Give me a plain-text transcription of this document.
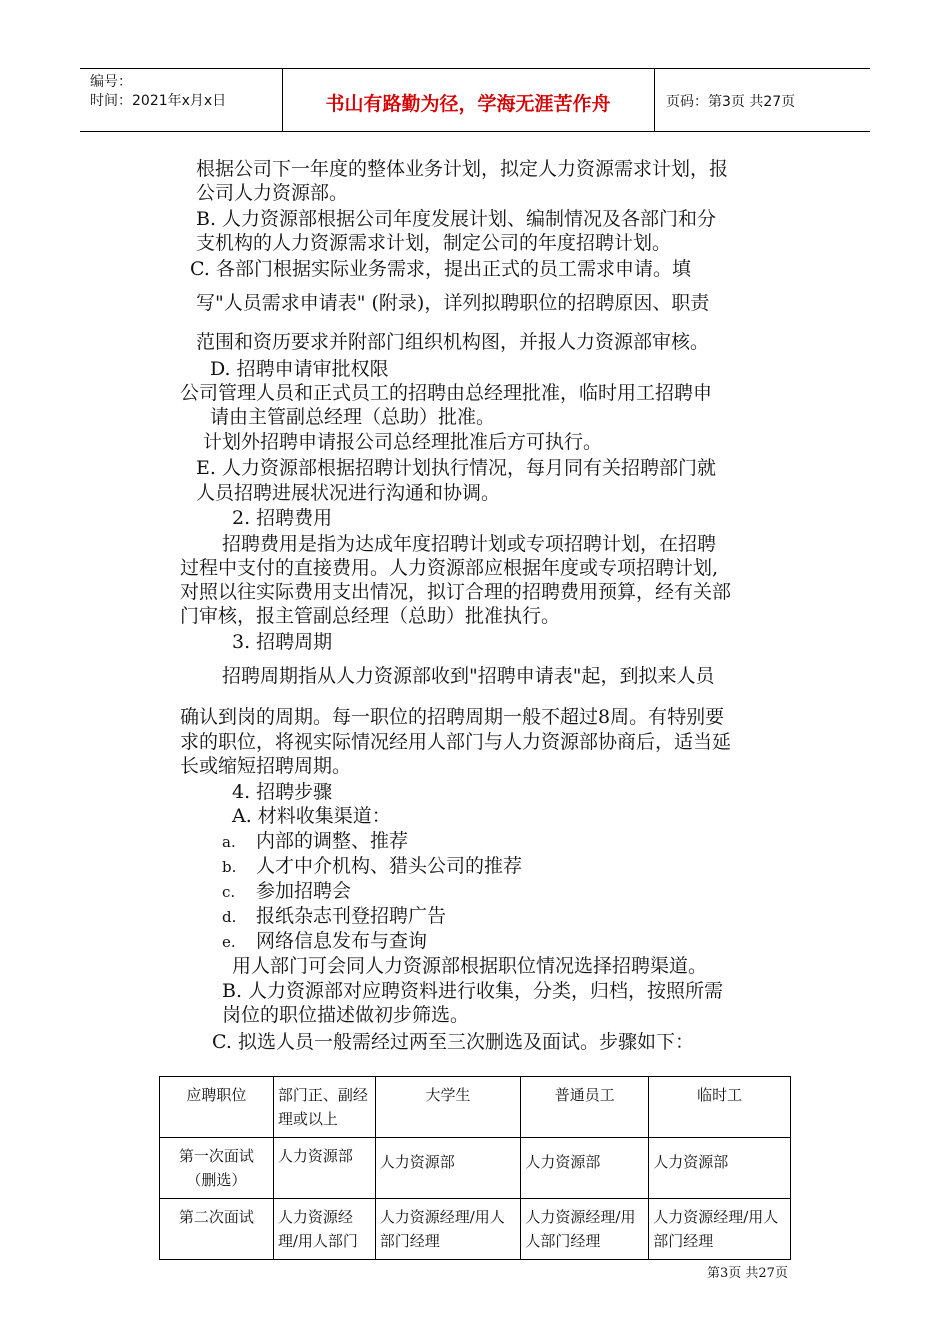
编号：
时间：2021年x月x日	书山有路勤为径，学海无涯苦作舟	页码：第3页 共27页
根据公司下一年度的整体业务计划，拟定人力资源需求计划，报
公司人力资源部。
B. 人力资源部根据公司年度发展计划、编制情况及各部门和分
支机构的人力资源需求计划，制定公司的年度招聘计划。
C. 各部门根据实际业务需求，提出正式的员工需求申请。填
写"人员需求申请表" (附录)，详列拟聘职位的招聘原因、职责
范围和资历要求并附部门组织机构图，并报人力资源部审核。
D. 招聘申请审批权限
公司管理人员和正式员工的招聘由总经理批准，临时用工招聘申
请由主管副总经理（总助）批准。
计划外招聘申请报公司总经理批准后方可执行。
E. 人力资源部根据招聘计划执行情况，每月同有关招聘部门就
人员招聘进展状况进行沟通和协调。
2. 招聘费用
招聘费用是指为达成年度招聘计划或专项招聘计划，在招聘
过程中支付的直接费用。人力资源部应根据年度或专项招聘计划,
对照以往实际费用支出情况，拟订合理的招聘费用预算，经有关部
门审核，报主管副总经理（总助）批准执行。
3. 招聘周期
招聘周期指从人力资源部收到"招聘申请表"起，到拟来人员
确认到岗的周期。每一职位的招聘周期一般不超过8周。有特别要
求的职位，将视实际情况经用人部门与人力资源部协商后，适当延
长或缩短招聘周期。
4. 招聘步骤
A. 材料收集渠道：
a. 内部的调整、推荐
b. 人才中介机构、猎头公司的推荐
c. 参加招聘会
d. 报纸杂志刊登招聘广告
e. 网络信息发布与查询
用人部门可会同人力资源部根据职位情况选择招聘渠道。
B. 人力资源部对应聘资料进行收集，分类，归档，按照所需
岗位的职位描述做初步筛选。
C. 拟选人员一般需经过两至三次删选及面试。步骤如下：
应聘职位	部门正、副经理或以上	大学生	普通员工	临时工
第一次面试（删选）	人力资源部	人力资源部	人力资源部	人力资源部
第二次面试	人力资源经理/用人部门	人力资源经理/用人部门经理	人力资源经理/用人部门经理	人力资源经理/用人部门经理
第3页 共27页
